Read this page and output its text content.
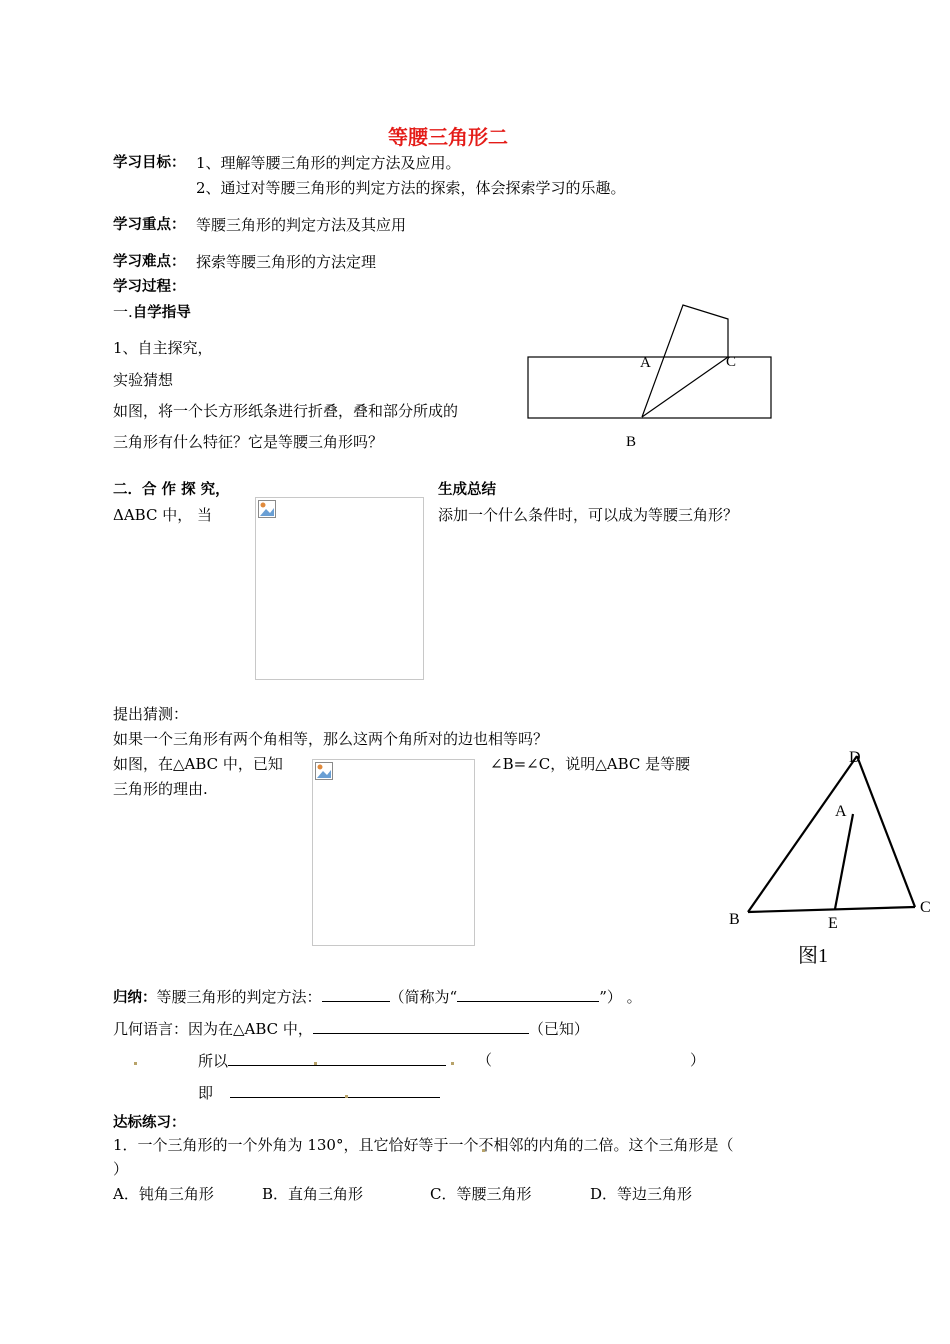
等腰三角形二
学习目标： 1、理解等腰三角形的判定方法及应用。
2、通过对等腰三角形的判定方法的探索，体会探索学习的乐趣。
学习重点： 等腰三角形的判定方法及其应用
学习难点： 探索等腰三角形的方法定理
学习过程：
一.自学指导
1、自主探究，
实验猜想
如图，将一个长方形纸条进行折叠，叠和部分所成的
三角形有什么特征？它是等腰三角形吗？
A	C
B
二．合 作 探 究，
ΔABC 中， 当
生成总结
添加一个什么条件时，可以成为等腰三角形？
提出猜测：
如果一个三角形有两个角相等，那么这两个角所对的边也相等吗？
如图，在△ABC 中，已知	∠B=∠C，说明△ABC 是等腰
三角形的理由.
D
A
B	E
C
图1
归纳：等腰三角形的判定方法：	（简称为“	”） 。
几何语言：因为在△ABC 中，	（已知）
所以	（	）
即
达标练习：
1．一个三角形的一个外角为 130°，且它恰好等于一个不相邻的内角的二倍。这个三角形是（
）
A．钝角三角形	B．直角三角形	C．等腰三角形	D．等边三角形
